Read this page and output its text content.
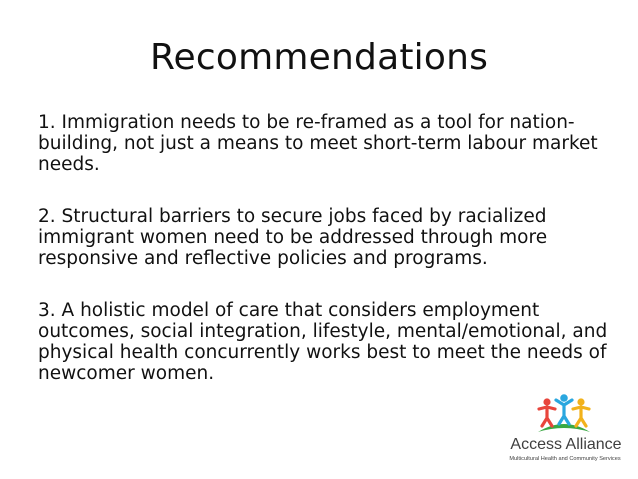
Recommendations

1. Immigration needs to be re-framed as a tool for nation-building, not just a means to meet short-term labour market needs.

2. Structural barriers to secure jobs faced by racialized immigrant women need to be addressed through more responsive and reflective policies and programs.

3. A holistic model of care that considers employment outcomes, social integration, lifestyle, mental/emotional, and physical health concurrently works best to meet the needs of newcomer women.

Access Alliance
Multicultural Health and Community Services
